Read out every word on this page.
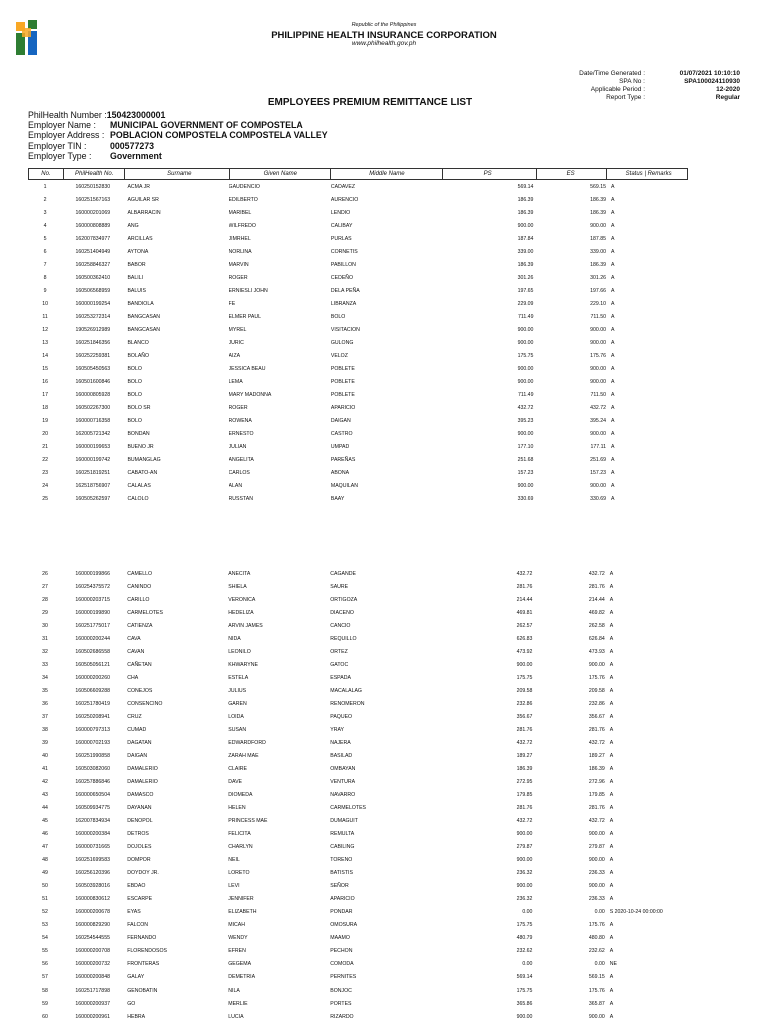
Republic of the Philippines
PHILIPPINE HEALTH INSURANCE CORPORATION
www.philhealth.gov.ph
Date/Time Generated :
SPA No :
Applicable Period :
Report Type :
01/07/2021 10:10:10
SPA100024110930
12-2020
Regular
EMPLOYEES PREMIUM REMITTANCE LIST
PhilHealth Number :150423000001
Employer Name : MUNICIPAL GOVERNMENT OF COMPOSTELA
Employer Address : POBLACION COMPOSTELA COMPOSTELA VALLEY
Employer TIN :	000577273
Employer Type : Government
No.	PhilHealth No.	Surname	Given Name	Middle Name	PS	ES	Status | Remarks
1	160250152830	ACMA JR	GAUDENCIO	CADAVEZ	569.14	569.15	A
2	160251567163	AGUILAR SR	EDILBERTO	AURENCIO	186.39	186.39	A
3	160000201069	ALBARRACIN	MARIBEL	LENDIO	186.39	186.39	A
4	160000808889	ANG	WILFREDO	CALIBAY	900.00	900.00	A
5	162007834977	ARCILLAS	JIMRHEL	PURLAS	187.84	187.85	A
6	160251404949	AYTONA	NORLINA	CORNETIS	339.00	339.00	A
7	160258846327	BABOR	MARVIN	PABILLON	186.39	186.39	A
8	160500362410	BALILI	ROGER	CEDEÑO	301.26	301.26	A
9	160506568959	BALUIS	ERNIESLI JOHN	DELA PEÑA	197.65	197.66	A
10	160000199254	BANDIOLA	FE	LIBRANZA	229.09	229.10	A
11	160253272314	BANGCASAN	ELMER PAUL	BOLO	711.49	711.50	A
12	190526912989	BANGCASAN	MYREL	VISITACION	900.00	900.00	A
13	160251846356	BLANCO	JURIC	GULONG	900.00	900.00	A
14	160252259381	BOLAÑO	AIZA	VELOZ	175.75	175.76	A
15	160505450563	BOLO	JESSICA BEAU	POBLETE	900.00	900.00	A
16	160501600846	BOLO	LEMA	POBLETE	900.00	900.00	A
17	160000805928	BOLO	MARY MADONNA	POBLETE	711.49	711.50	A
18	160502267300	BOLO SR	ROGER	APARICIO	432.72	432.72	A
19	160000716358	BOLO	ROWENA	DAIGAN	395.23	395.24	A
20	162005721342	BONDAN	ERNESTO	CASTRO	900.00	900.00	A
21	160000199653	BUENO JR	JULIAN	UMPAD	177.10	177.11	A
22	160000199742	BUMANGLAG	ANGELITA	PAREÑAS	251.68	251.69	A
23	160251819251	CABATO-AN	CARLOS	ABONA	157.23	157.23	A
24	162518756907	CALALAS	ALAN	MAQUILAN	900.00	900.00	A
25	160505262597	CALOLO	RUSSTAN	BAAY	330.69	330.69	A
26	160000199866	CAMELLO	ANECITA	CAGANDE	432.72	432.72	A
27	160254375572	CANINDO	SHIELA	SAURE	281.76	281.76	A
28	160000203715	CARILLO	VERONICA	ORTIGOZA	214.44	214.44	A
29	160000199890	CARMELOTES	HEDELIZA	DIACENO	469.81	469.82	A
30	160251775017	CATIENZA	ARVIN JAMES	CANCIO	262.57	262.58	A
31	160000200244	CAVA	NIDA	REQUILLO	626.83	626.84	A
32	160502686558	CAVAN	LEONILO	ORTEZ	473.92	473.93	A
33	160505056121	CAÑETAN	KHWARYNE	GATOC	900.00	900.00	A
34	160000200260	CHA	ESTELA	ESPADA	175.75	175.76	A
35	160506609288	CONEJOS	JULIUS	MACALALAG	209.58	209.58	A
36	160251780419	CONSENCINO	GAREN	RENOMERON	232.86	232.86	A
37	160250208941	CRUZ	LOIDA	PAQUEO	356.67	356.67	A
38	160000797313	CUMAD	SUSAN	YRAY	281.76	281.76	A
39	160000702193	DAGATAN	EDWARDFORD	NAJERA	432.72	432.72	A
40	160251990858	DAIGAN	ZARAH MAE	BASILAD	189.27	189.27	A
41	160503082060	DAMALERIO	CLAIRE	OMBAYAN	186.39	186.39	A
42	160257886846	DAMALERIO	DAVE	VENTURA	272.95	272.96	A
43	160000650504	DAMASCO	DIOMEDA	NAVARRO	179.85	179.85	A
44	160509934775	DAYANAN	HELEN	CARMELOTES	281.76	281.76	A
45	162007834934	DENOPOL	PRINCESS MAE	DUMAGUIT	432.72	432.72	A
46	160000200384	DETROS	FELICITA	REMULTA	900.00	900.00	A
47	160000731665	DOJOLES	CHARLYN	CABILING	279.87	279.87	A
48	160251699583	DOMPOR	NEIL	TORENO	900.00	900.00	A
49	160256120396	DOYDOY JR.	LORETO	BATISTIS	236.32	236.33	A
50	160503928016	EBDAO	LEVI	SEÑOR	900.00	900.00	A
51	160000830612	ESCARPE	JENNIFER	APARICIO	236.32	236.33	A
52	160000200678	EYAS	ELIZABETH	PONDAR	0.00	0.00	S 2020-10-24 00:00:00
53	160000829290	FALCON	MICAH	OMOSURA	175.75	175.76	A
54	160254544555	FERNANDO	WENDY	MAAMO	480.79	480.80	A
55	160000200708	FLORENDOSOS	EFREN	PECHON	232.62	232.62	A
56	160000200732	FRONTERAS	GEGEMA	COMODA	0.00	0.00	NE
57	160000200848	GALAY	DEMETRIA	PERNITES	569.14	569.15	A
58	160251717898	GENOBATIN	NILA	BONJOC	175.75	175.76	A
59	160000200937	GO	MERLIE	PORTES	365.86	365.87	A
60	160000200961	HEBRA	LUCIA	RIZARDO	900.00	900.00	A
